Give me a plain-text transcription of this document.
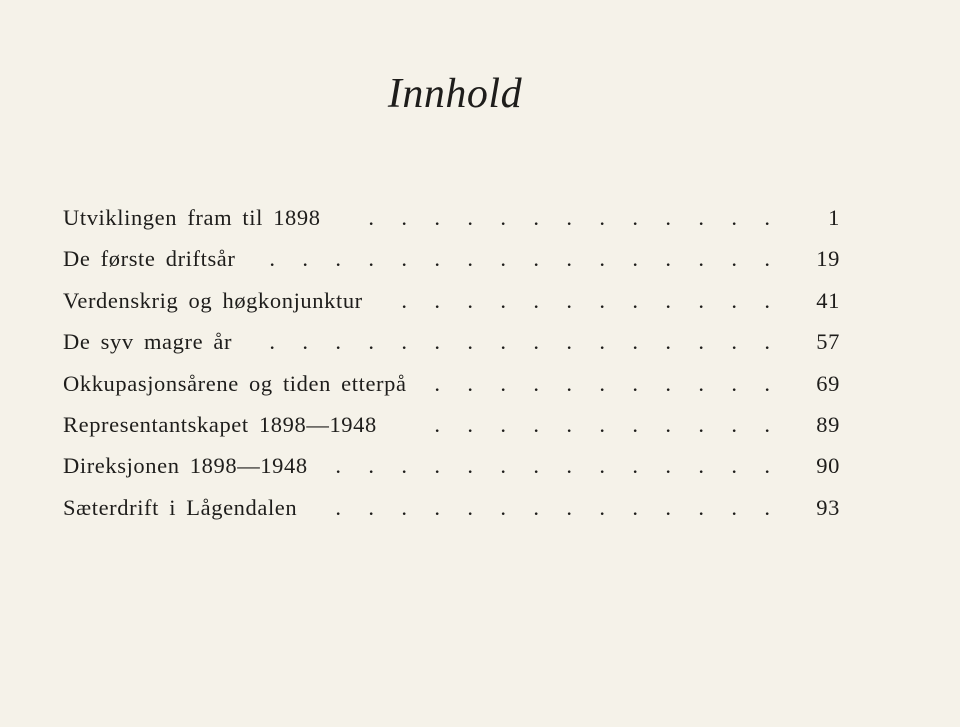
Innhold
Utviklingen fram til 1898	.	.	.	.	.	.	.	.	.	.	.	.	.	1
De første driftsår	.	.	.	.	.	.	.	.	.	.	.	.	.	.	.	.	19
Verdenskrig og høgkonjunktur	.	.	.	.	.	.	.	.	.	.	.	.	41
De syv magre år	.	.	.	.	.	.	.	.	.	.	.	.	.	.	.	.	57
Okkupasjonsårene og tiden etterpå	.	.	.	.	.	.	.	.	.	.	.	69
Representantskapet 1898—1948	.	.	.	.	.	.	.	.	.	.	.	89
Direksjonen 1898—1948	.	.	.	.	.	.	.	.	.	.	.	.	.	.	90
Sæterdrift i Lågendalen	.	.	.	.	.	.	.	.	.	.	.	.	.	.	93
